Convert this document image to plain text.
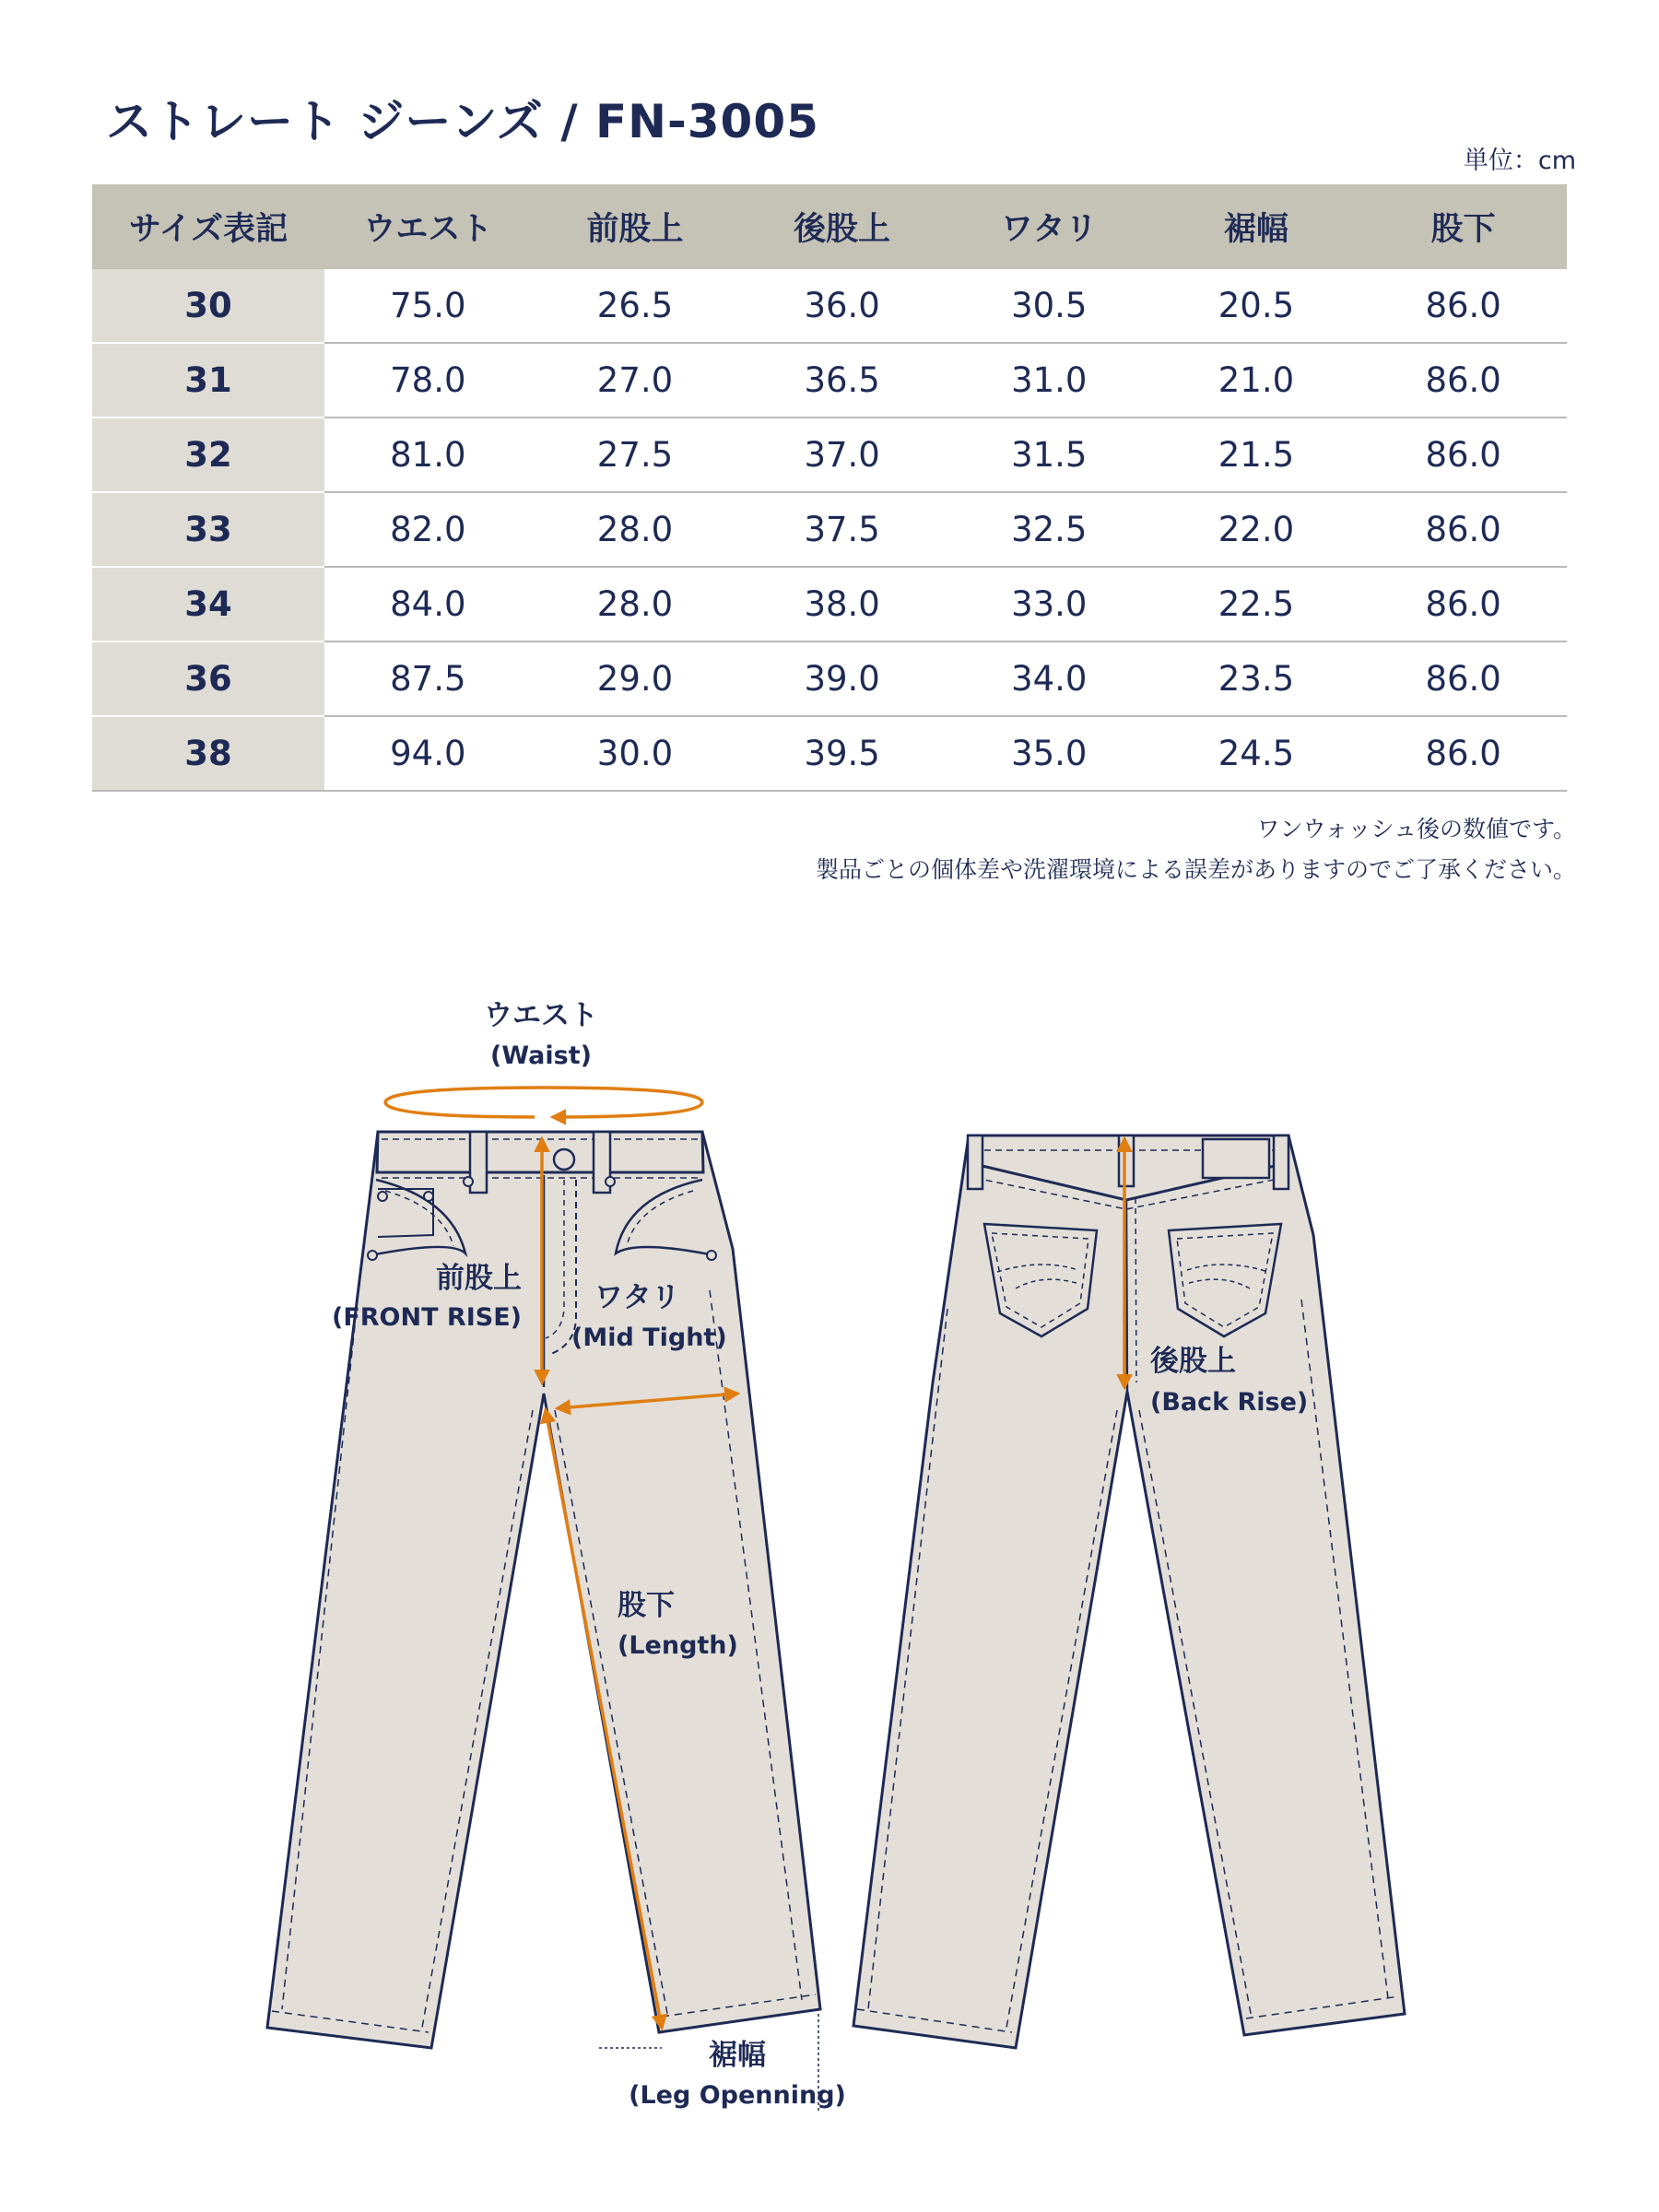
ストレート ジーンズ / FN-3005
単位：cm
サイズ表記	ウエスト	前股上	後股上	ワタリ	裾幅	股下
30	75.0	26.5	36.0	30.5	20.5	86.0
31	78.0	27.0	36.5	31.0	21.0	86.0
32	81.0	27.5	37.0	31.5	21.5	86.0
33	82.0	28.0	37.5	32.5	22.0	86.0
34	84.0	28.0	38.0	33.0	22.5	86.0
36	87.5	29.0	39.0	34.0	23.5	86.0
38	94.0	30.0	39.5	35.0	24.5	86.0
ワンウォッシュ後の数値です。
製品ごとの個体差や洗濯環境による誤差がありますのでご了承ください。
ウエスト
(Waist)
前股上
(FRONT RISE)
ワタリ
(Mid Tight)
股下
(Length)
裾幅
(Leg Openning)
後股上
(Back Rise)
